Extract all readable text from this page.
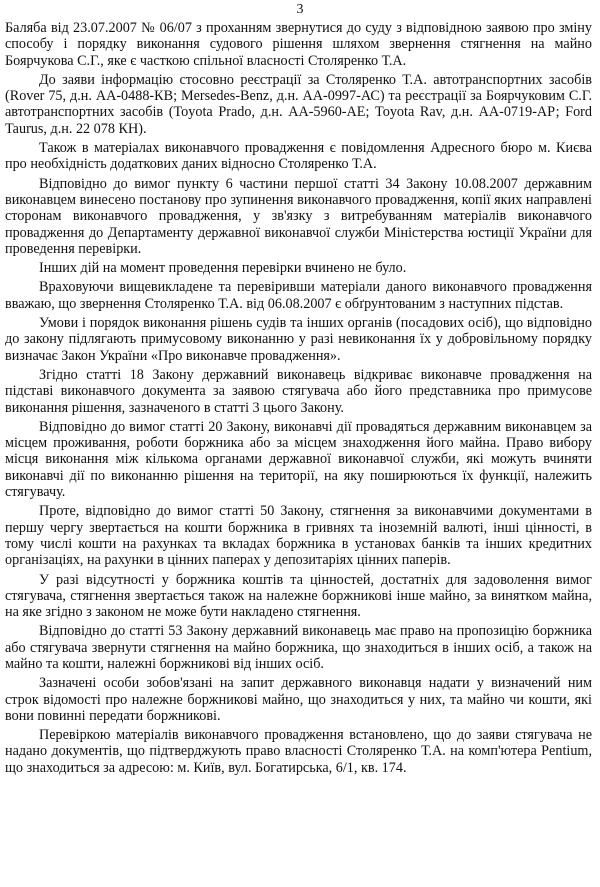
3

Баляба від 23.07.2007 № 06/07 з проханням звернутися до суду з відповідною заявою про зміну способу і порядку виконання судового рішення шляхом звернення стягнення на майно Боярчукова С.Г., яке є часткою спільної власності Столяренко Т.А.

До заяви інформацію стосовно реєстрації за Столяренко Т.А. автотранспортних засобів (Rover 75, д.н. АА-0488-КВ; Mersedes-Benz, д.н. АА-0997-АС) та реєстрації за Боярчуковим С.Г. автотранспортних засобів (Toyota Prado, д.н. АА-5960-АЕ; Toyota Rav, д.н. АА-0719-АР; Ford Taurus, д.н. 22 078 КН).

Також в матеріалах виконавчого провадження є повідомлення Адресного бюро м. Києва про необхідність додаткових даних відносно Столяренко Т.А.

Відповідно до вимог пункту 6 частини першої статті 34 Закону 10.08.2007 державним виконавцем винесено постанову про зупинення виконавчого провадження, копії яких направлені сторонам виконавчого провадження, у зв'язку з витребуванням матеріалів виконавчого провадження до Департаменту державної виконавчої служби Міністерства юстиції України для проведення перевірки.

Інших дій на момент проведення перевірки вчинено не було.

Враховуючи вищевикладене та перевіривши матеріали даного виконавчого провадження вважаю, що звернення Столяренко Т.А. від 06.08.2007 є обґрунтованим з наступних підстав.

Умови і порядок виконання рішень судів та інших органів (посадових осіб), що відповідно до закону підлягають примусовому виконанню у разі невиконання їх у добровільному порядку визначає Закон України «Про виконавче провадження».

Згідно статті 18 Закону державний виконавець відкриває виконавче провадження на підставі виконавчого документа за заявою стягувача або його представника про примусове виконання рішення, зазначеного в статті 3 цього Закону.

Відповідно до вимог статті 20 Закону, виконавчі дії провадяться державним виконавцем за місцем проживання, роботи боржника або за місцем знаходження його майна. Право вибору місця виконання між кількома органами державної виконавчої служби, які можуть вчиняти виконавчі дії по виконанню рішення на території, на яку поширюються їх функції, належить стягувачу.

Проте, відповідно до вимог статті 50 Закону, стягнення за виконавчими документами в першу чергу звертається на кошти боржника в гривнях та іноземній валюті, інші цінності, в тому числі кошти на рахунках та вкладах боржника в установах банків та інших кредитних організаціях, на рахунки в цінних паперах у депозитаріях цінних паперів.

У разі відсутності у боржника коштів та цінностей, достатніх для задоволення вимог стягувача, стягнення звертається також на належне боржникові інше майно, за винятком майна, на яке згідно з законом не може бути накладено стягнення.

Відповідно до статті 53 Закону державний виконавець має право на пропозицію боржника або стягувача звернути стягнення на майно боржника, що знаходиться в інших осіб, а також на майно та кошти, належні боржникові від інших осіб.

Зазначені особи зобов'язані на запит державного виконавця надати у визначений ним строк відомості про належне боржникові майно, що знаходиться у них, та майно чи кошти, які вони повинні передати боржникові.

Перевіркою матеріалів виконавчого провадження встановлено, що до заяви стягувача не надано документів, що підтверджують право власності Столяренко Т.А. на комп'ютера Pentium, що знаходиться за адресою: м. Київ, вул. Богатирська, 6/1, кв. 174.
